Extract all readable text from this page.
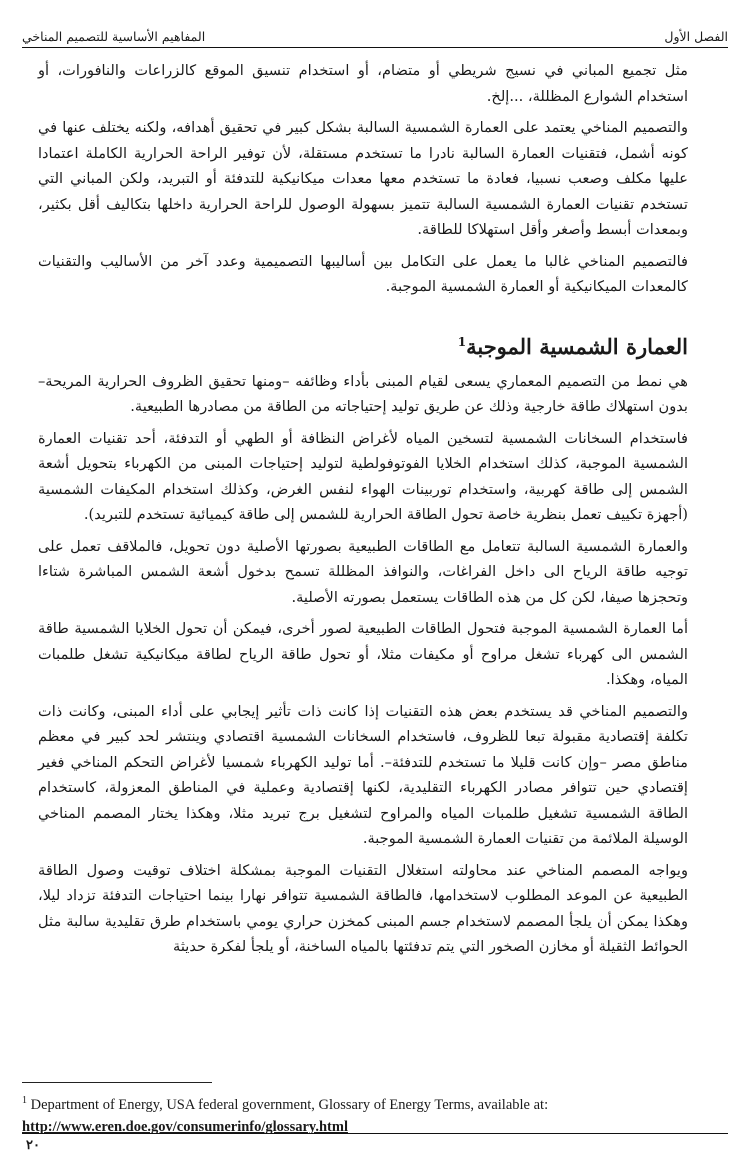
الفصل الأول
المفاهيم الأساسية للتصميم المناخي

مثل تجميع المباني في نسيج شريطي أو متضام، أو استخدام تنسيق الموقع كالزراعات والنافورات، أو استخدام الشوارع المظللة، ...إلخ.

والتصميم المناخي يعتمد على العمارة الشمسية السالبة بشكل كبير في تحقيق أهدافه، ولكنه يختلف عنها في كونه أشمل، فتقنيات العمارة السالبة نادرا ما تستخدم مستقلة، لأن توفير الراحة الحرارية الكاملة اعتمادا عليها مكلف وصعب نسبيا، فعادة ما تستخدم معها معدات ميكانيكية للتدفئة أو التبريد، ولكن المباني التي تستخدم تقنيات العمارة الشمسية السالبة تتميز بسهولة الوصول للراحة الحرارية داخلها بتكاليف أقل بكثير، وبمعدات أبسط وأصغر وأقل استهلاكا للطاقة.

فالتصميم المناخي غالبا ما يعمل على التكامل بين أساليبها التصميمية وعدد آخر من الأساليب والتقنيات كالمعدات الميكانيكية أو العمارة الشمسية الموجبة.

العمارة الشمسية الموجبة$^1$

هي نمط من التصميم المعماري يسعى لقيام المبنى بأداء وظائفه –ومنها تحقيق الظروف الحرارية المريحة– بدون استهلاك طاقة خارجية وذلك عن طريق توليد إحتياجاته من الطاقة من مصادرها الطبيعية.

فاستخدام السخانات الشمسية لتسخين المياه لأغراض النظافة أو الطهي أو التدفئة، أحد تقنيات العمارة الشمسية الموجبة، كذلك استخدام الخلايا الفوتوفولطية لتوليد إحتياجات المبنى من الكهرباء بتحويل أشعة الشمس إلى طاقة كهربية، واستخدام توربينات الهواء لنفس الغرض، وكذلك استخدام المكيفات الشمسية (أجهزة تكييف تعمل بنظرية خاصة تحول الطاقة الحرارية للشمس إلى طاقة كيميائية تستخدم للتبريد).

والعمارة الشمسية السالبة تتعامل مع الطاقات الطبيعية بصورتها الأصلية دون تحويل، فالملاقف تعمل على توجيه طاقة الرياح الى داخل الفراغات، والنوافذ المظللة تسمح بدخول أشعة الشمس المباشرة شتاءا وتحجزها صيفا، لكن كل من هذه الطاقات يستعمل بصورته الأصلية.

أما العمارة الشمسية الموجبة فتحول الطاقات الطبيعية لصور أخرى، فيمكن أن تحول الخلايا الشمسية طاقة الشمس الى كهرباء تشغل مراوح أو مكيفات مثلا، أو تحول طاقة الرياح لطاقة ميكانيكية تشغل طلمبات المياه، وهكذا.

والتصميم المناخي قد يستخدم بعض هذه التقنيات إذا كانت ذات تأثير إيجابي على أداء المبنى، وكانت ذات تكلفة إقتصادية مقبولة تبعا للظروف، فاستخدام السخانات الشمسية اقتصادي وينتشر لحد كبير في معظم مناطق مصر –وإن كانت قليلا ما تستخدم للتدفئة–. أما توليد الكهرباء شمسيا لأغراض التحكم المناخي فغير إقتصادي حين تتوافر مصادر الكهرباء التقليدية، لكنها إقتصادية وعملية في المناطق المعزولة، كاستخدام الطاقة الشمسية تشغيل طلمبات المياه والمراوح لتشغيل برج تبريد مثلا، وهكذا يختار المصمم المناخي الوسيلة الملائمة من تقنيات العمارة الشمسية الموجبة.

ويواجه المصمم المناخي عند محاولته استغلال التقنيات الموجبة بمشكلة اختلاف توقيت وصول الطاقة الطبيعية عن الموعد المطلوب لاستخدامها، فالطاقة الشمسية تتوافر نهارا بينما احتياجات التدفئة تزداد ليلا، وهكذا يمكن أن يلجأ المصمم لاستخدام جسم المبنى كمخزن حراري يومي باستخدام طرق تقليدية سالبة مثل الحوائط الثقيلة أو مخازن الصخور التي يتم تدفئتها بالمياه الساخنة، أو يلجأ لفكرة حديثة

$^1$ Department of Energy, USA federal government, Glossary of Energy Terms, available at:
http://www.eren.doe.gov/consumerinfo/glossary.html
٢٠
